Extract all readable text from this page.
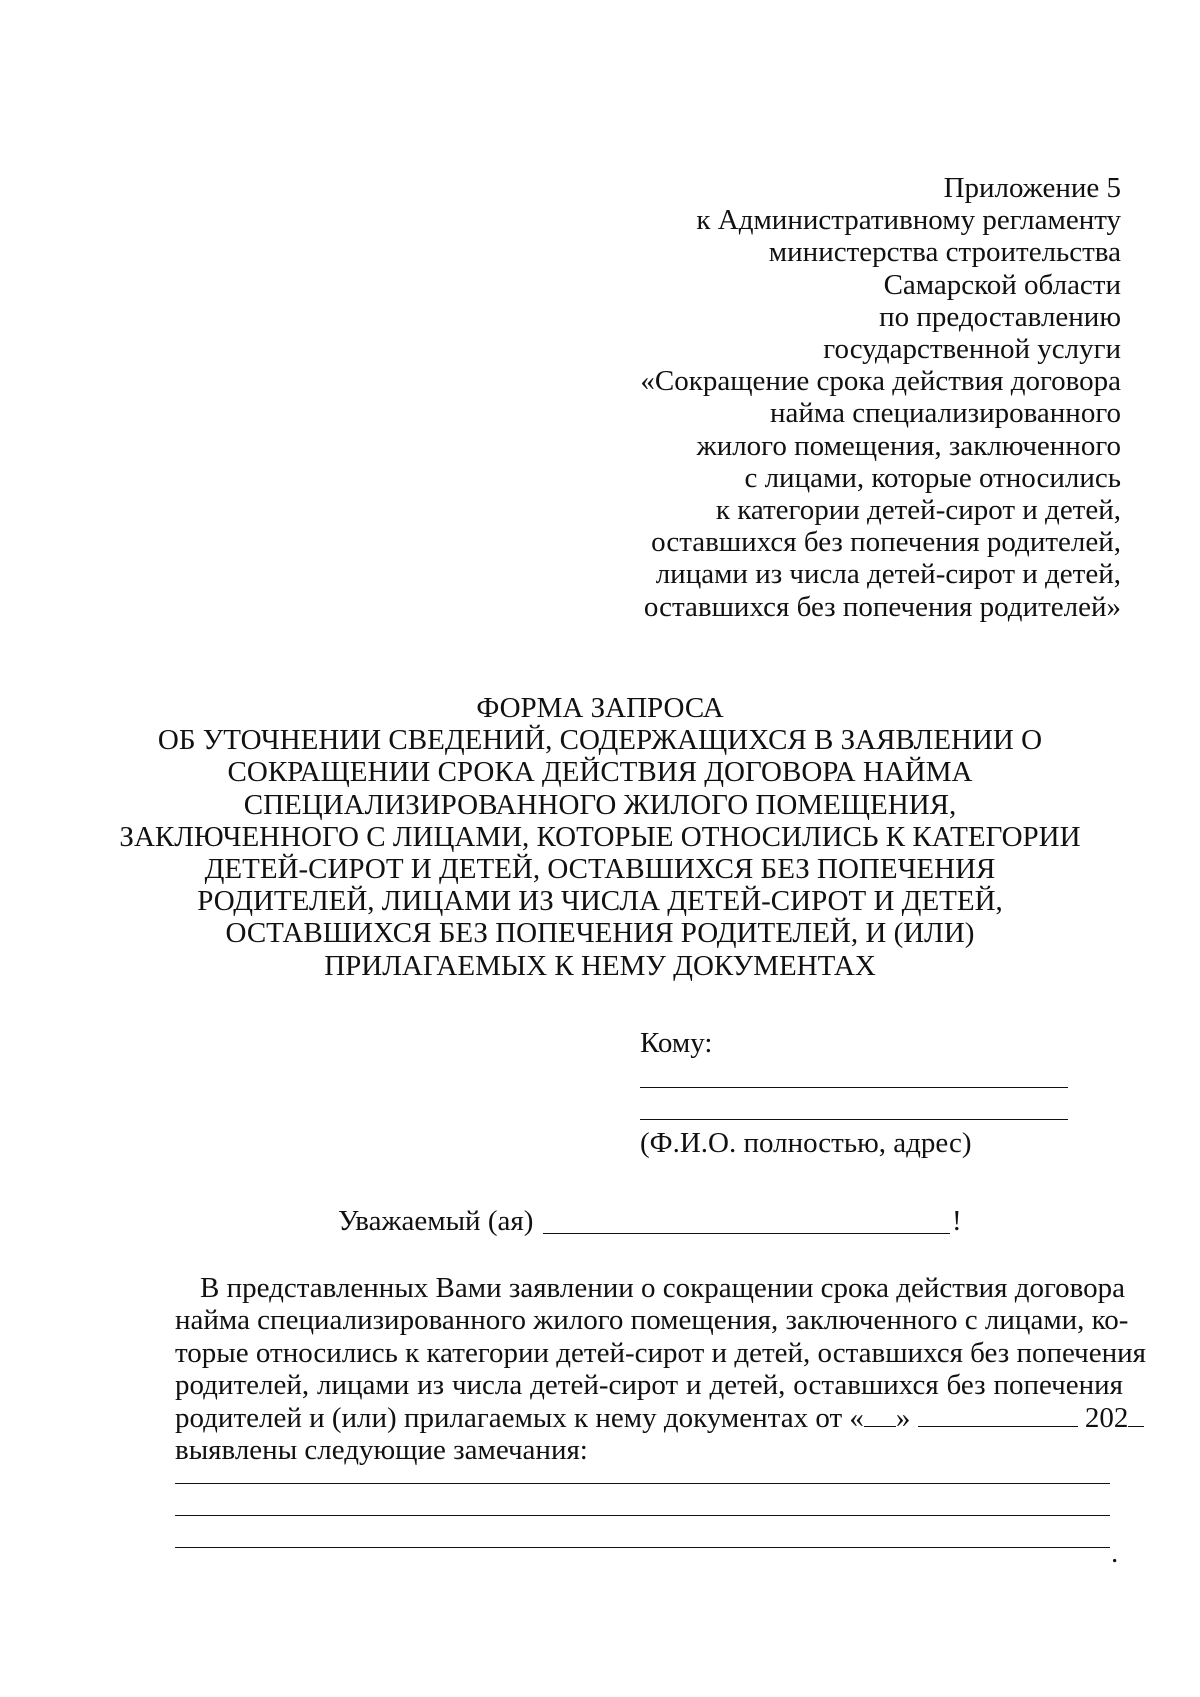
Приложение 5
к Административному регламенту
министерства строительства
Самарской области
по предоставлению
государственной услуги
«Сокращение срока действия договора
найма специализированного
жилого помещения, заключенного
с лицами, которые относились
к категории детей-сирот и детей,
оставшихся без попечения родителей,
лицами из числа детей-сирот и детей,
оставшихся без попечения родителей»
ФОРМА ЗАПРОСА
ОБ УТОЧНЕНИИ СВЕДЕНИЙ, СОДЕРЖАЩИХСЯ В ЗАЯВЛЕНИИ О
СОКРАЩЕНИИ СРОКА ДЕЙСТВИЯ ДОГОВОРА НАЙМА
СПЕЦИАЛИЗИРОВАННОГО ЖИЛОГО ПОМЕЩЕНИЯ,
ЗАКЛЮЧЕННОГО С ЛИЦАМИ, КОТОРЫЕ ОТНОСИЛИСЬ К КАТЕГОРИИ
ДЕТЕЙ-СИРОТ И ДЕТЕЙ, ОСТАВШИХСЯ БЕЗ ПОПЕЧЕНИЯ
РОДИТЕЛЕЙ, ЛИЦАМИ ИЗ ЧИСЛА ДЕТЕЙ-СИРОТ И ДЕТЕЙ,
ОСТАВШИХСЯ БЕЗ ПОПЕЧЕНИЯ РОДИТЕЛЕЙ, И (ИЛИ)
ПРИЛАГАЕМЫХ К НЕМУ ДОКУМЕНТАХ
Кому:
(Ф.И.О. полностью, адрес)
Уважаемый (ая)	!
В представленных Вами заявлении о сокращении срока действия договора
найма специализированного жилого помещения, заключенного с лицами, ко-
торые относились к категории детей-сирот и детей, оставшихся без попечения
родителей, лицами из числа детей-сирот и детей, оставшихся без попечения
родителей и (или) прилагаемых к нему документах от « »	202
выявлены следующие замечания:
.
